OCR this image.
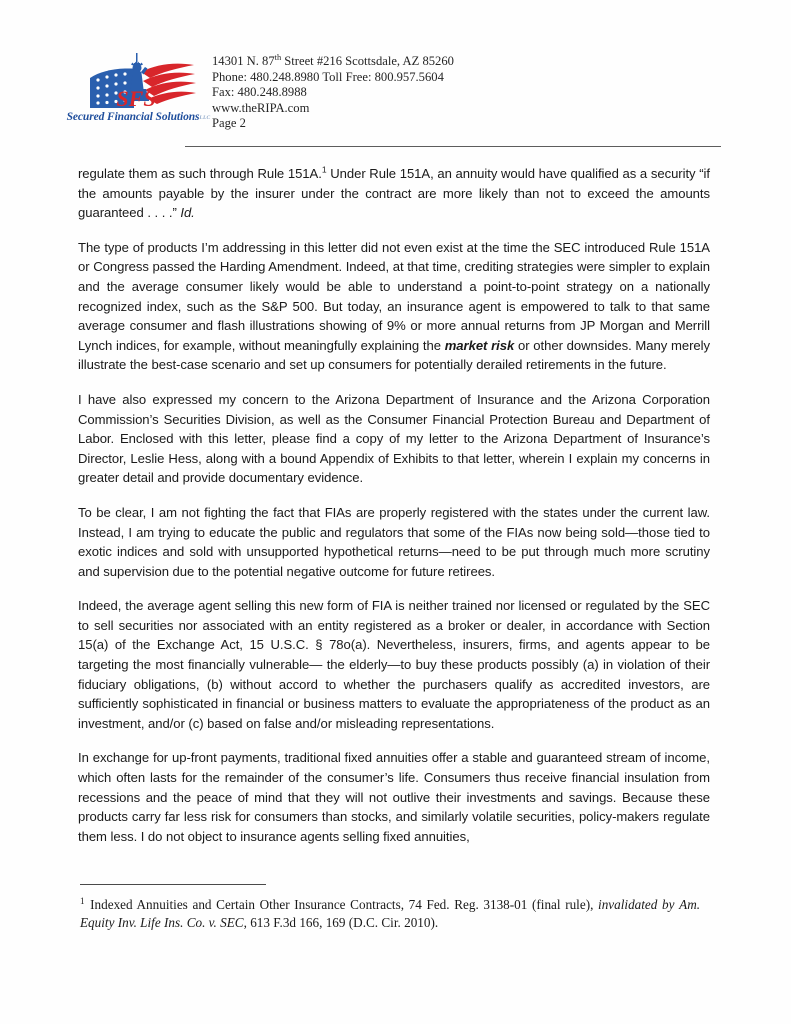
SFS
Secured Financial SolutionsLLC
14301 N. 87th Street #216 Scottsdale, AZ 85260
Phone: 480.248.8980 Toll Free: 800.957.5604
Fax: 480.248.8988
www.theRIPA.com
Page 2

regulate them as such through Rule 151A.$^1$ Under Rule 151A, an annuity would have qualified as a security “if the amounts payable by the insurer under the contract are more likely than not to exceed the amounts guaranteed . . . .” Id.

The type of products I’m addressing in this letter did not even exist at the time the SEC introduced Rule 151A or Congress passed the Harding Amendment. Indeed, at that time, crediting strategies were simpler to explain and the average consumer likely would be able to understand a point-to-point strategy on a nationally recognized index, such as the S&P 500. But today, an insurance agent is empowered to talk to that same average consumer and flash illustrations showing of 9% or more annual returns from JP Morgan and Merrill Lynch indices, for example, without meaningfully explaining the market risk or other downsides. Many merely illustrate the best-case scenario and set up consumers for potentially derailed retirements in the future.

I have also expressed my concern to the Arizona Department of Insurance and the Arizona Corporation Commission’s Securities Division, as well as the Consumer Financial Protection Bureau and Department of Labor. Enclosed with this letter, please find a copy of my letter to the Arizona Department of Insurance’s Director, Leslie Hess, along with a bound Appendix of Exhibits to that letter, wherein I explain my concerns in greater detail and provide documentary evidence.

To be clear, I am not fighting the fact that FIAs are properly registered with the states under the current law. Instead, I am trying to educate the public and regulators that some of the FIAs now being sold—those tied to exotic indices and sold with unsupported hypothetical returns—need to be put through much more scrutiny and supervision due to the potential negative outcome for future retirees.

Indeed, the average agent selling this new form of FIA is neither trained nor licensed or regulated by the SEC to sell securities nor associated with an entity registered as a broker or dealer, in accordance with Section 15(a) of the Exchange Act, 15 U.S.C. § 78o(a). Nevertheless, insurers, firms, and agents appear to be targeting the most financially vulnerable— the elderly—to buy these products possibly (a) in violation of their fiduciary obligations, (b) without accord to whether the purchasers qualify as accredited investors, are sufficiently sophisticated in financial or business matters to evaluate the appropriateness of the product as an investment, and/or (c) based on false and/or misleading representations.

In exchange for up-front payments, traditional fixed annuities offer a stable and guaranteed stream of income, which often lasts for the remainder of the consumer’s life. Consumers thus receive financial insulation from recessions and the peace of mind that they will not outlive their investments and savings. Because these products carry far less risk for consumers than stocks, and similarly volatile securities, policy-makers regulate them less. I do not object to insurance agents selling fixed annuities,

$^1$ Indexed Annuities and Certain Other Insurance Contracts, 74 Fed. Reg. 3138-01 (final rule), invalidated by Am. Equity Inv. Life Ins. Co. v. SEC, 613 F.3d 166, 169 (D.C. Cir. 2010).
